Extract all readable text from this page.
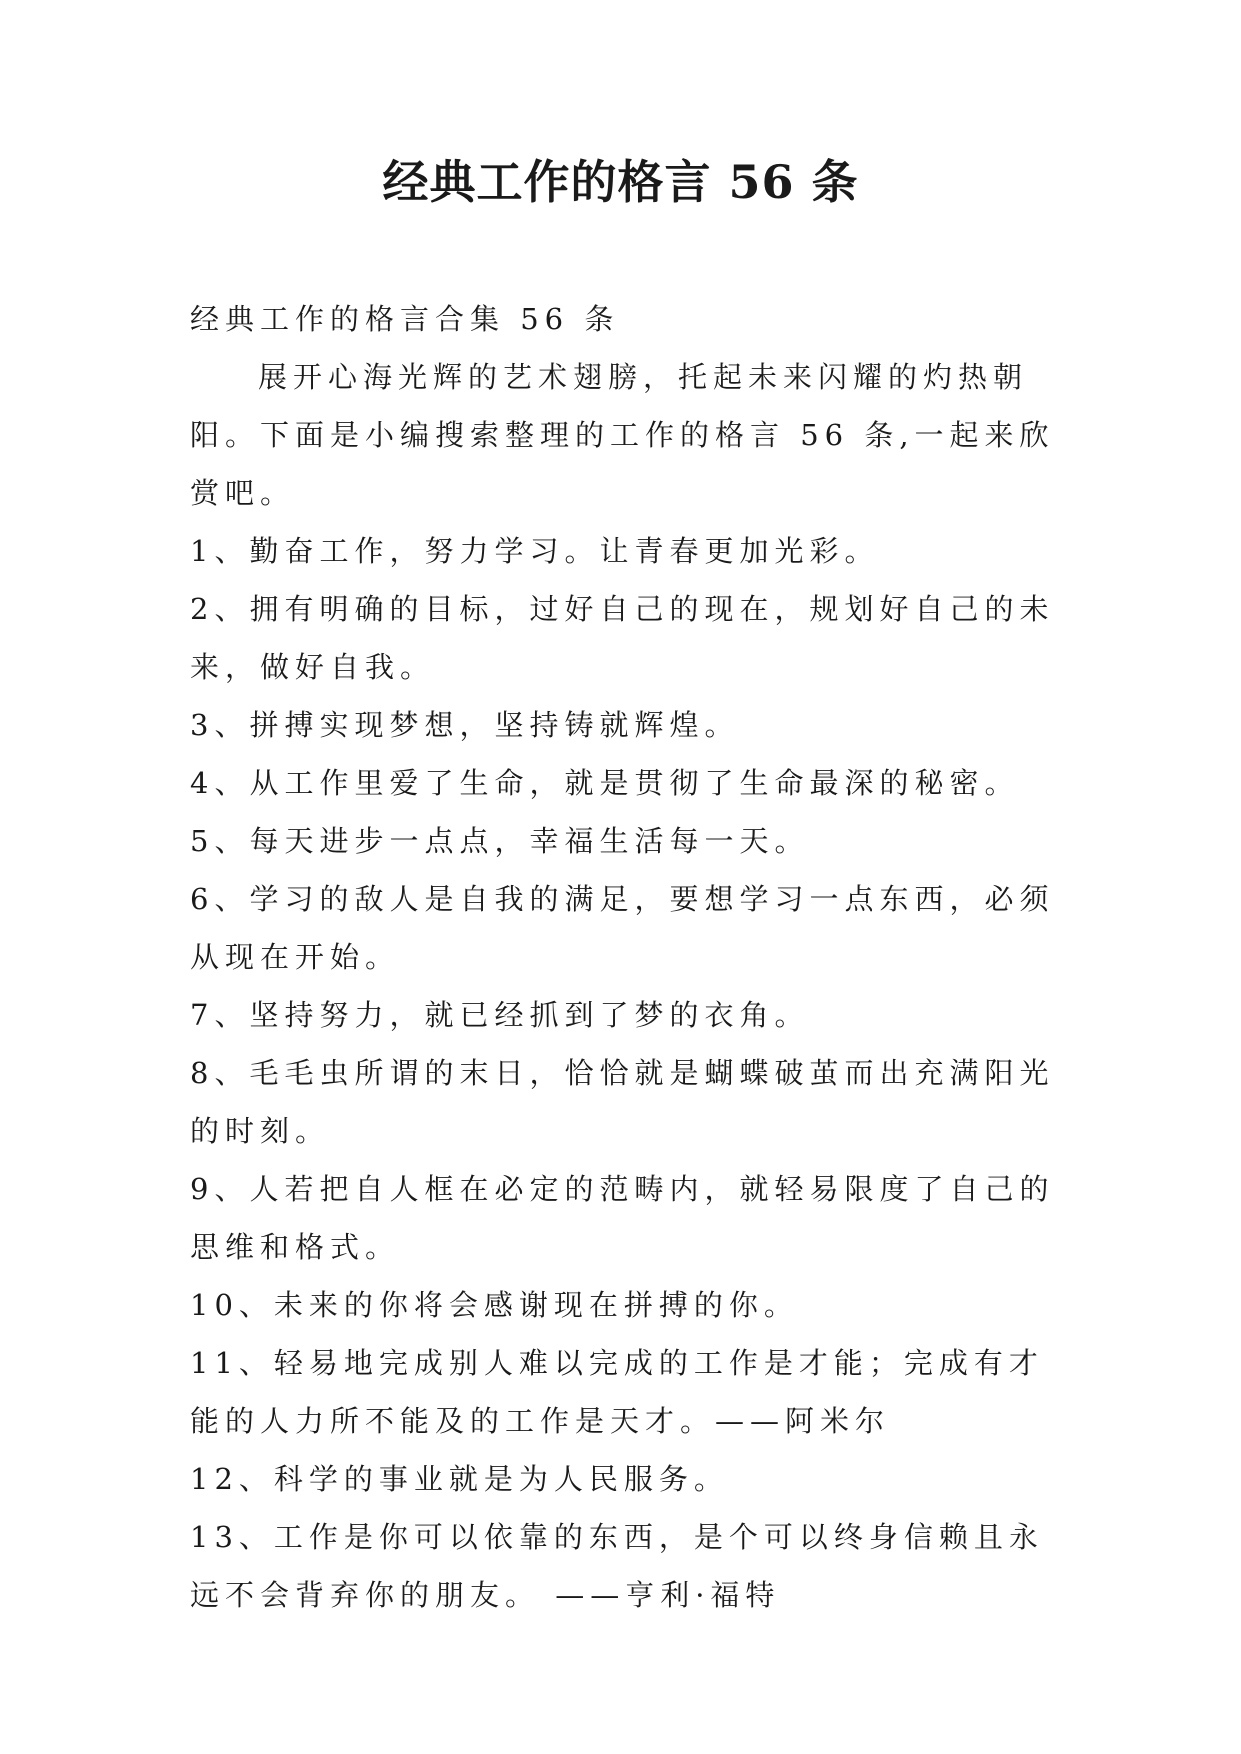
经典工作的格言 56 条

经典工作的格言合集 56 条

展开心海光辉的艺术翅膀，托起未来闪耀的灼热朝阳。下面是小编搜索整理的工作的格言 56 条,一起来欣赏吧。

1、勤奋工作，努力学习。让青春更加光彩。

2、拥有明确的目标，过好自己的现在，规划好自己的未来，做好自我。

3、拼搏实现梦想，坚持铸就辉煌。

4、从工作里爱了生命，就是贯彻了生命最深的秘密。

5、每天进步一点点，幸福生活每一天。

6、学习的敌人是自我的满足，要想学习一点东西，必须从现在开始。

7、坚持努力，就已经抓到了梦的衣角。

8、毛毛虫所谓的末日，恰恰就是蝴蝶破茧而出充满阳光的时刻。

9、人若把自人框在必定的范畴内，就轻易限度了自己的思维和格式。

10、未来的你将会感谢现在拼搏的你。

11、轻易地完成别人难以完成的工作是才能；完成有才能的人力所不能及的工作是天才。——阿米尔

12、科学的事业就是为人民服务。

13、工作是你可以依靠的东西，是个可以终身信赖且永远不会背弃你的朋友。 ——亨利·福特
